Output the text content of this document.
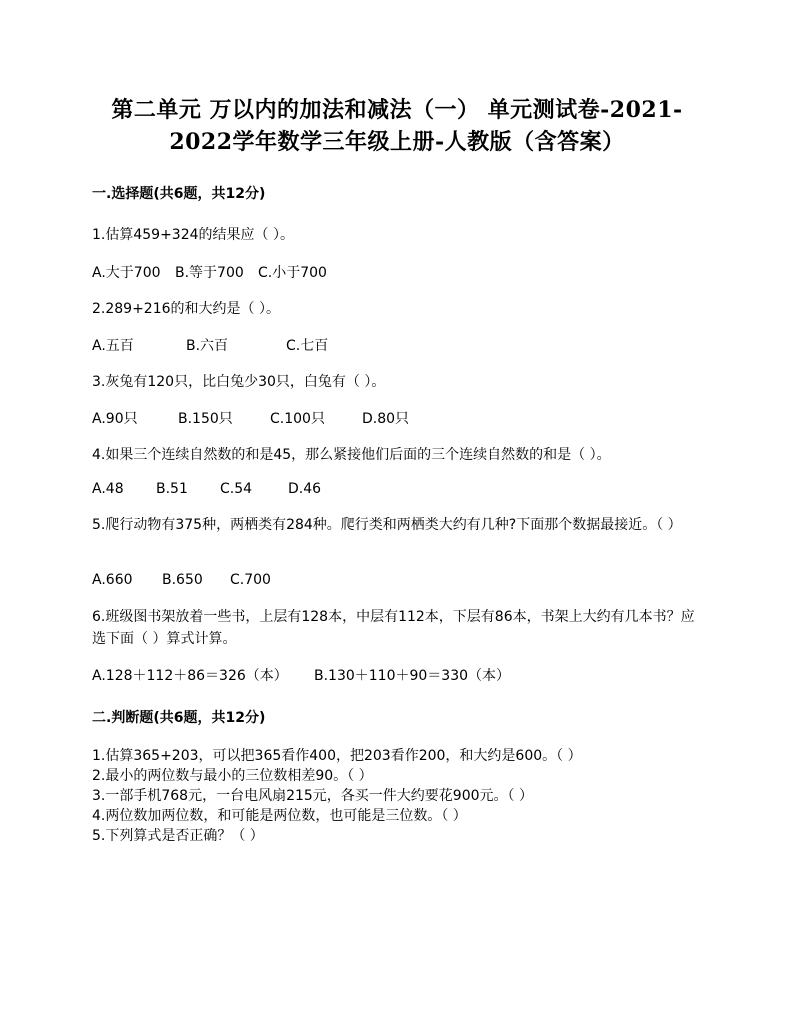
第二单元 万以内的加法和减法（一） 单元测试卷-2021-
2022学年数学三年级上册-人教版（含答案）
一.选择题(共6题，共12分)
1.估算459+324的结果应（ ）。
A.大于700 B.等于700 C.小于700
2.289+216的和大约是（ ）。
A.五百	B.六百	C.七百
3.灰兔有120只，比白兔少30只，白兔有（ ）。
A.90只	B.150只	C.100只	D.80只
4.如果三个连续自然数的和是45，那么紧接他们后面的三个连续自然数的和是（ ）。
A.48 B.51 C.54	D.46
5.爬行动物有375种，两栖类有284种。爬行类和两栖类大约有几种?下面那个数据最接近。（ ）
A.660 B.650 C.700
6.班级图书架放着一些书，上层有128本，中层有112本，下层有86本，书架上大约有几本书？应选下面（ ）算式计算。
A.128＋112＋86＝326（本） B.130＋110＋90＝330（本）
二.判断题(共6题，共12分)
1.估算365+203，可以把365看作400，把203看作200，和大约是600。（ ）
2.最小的两位数与最小的三位数相差90。（ ）
3.一部手机768元，一台电风扇215元，各买一件大约要花900元。（ ）
4.两位数加两位数，和可能是两位数，也可能是三位数。（ ）
5.下列算式是否正确？（ ）
